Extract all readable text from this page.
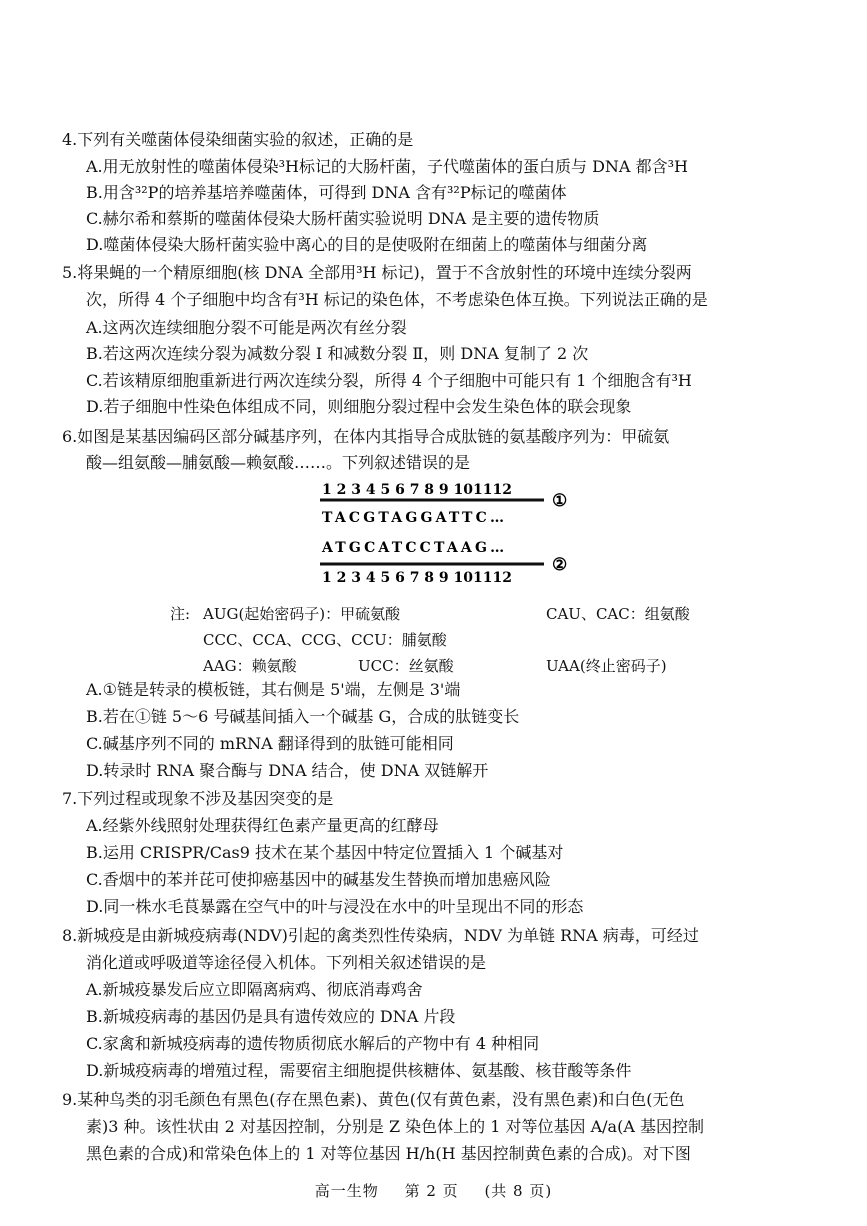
4.下列有关噬菌体侵染细菌实验的叙述，正确的是
A.用无放射性的噬菌体侵染³H标记的大肠杆菌，子代噬菌体的蛋白质与 DNA 都含³H
B.用含³²P的培养基培养噬菌体，可得到 DNA 含有³²P标记的噬菌体
C.赫尔希和蔡斯的噬菌体侵染大肠杆菌实验说明 DNA 是主要的遗传物质
D.噬菌体侵染大肠杆菌实验中离心的目的是使吸附在细菌上的噬菌体与细菌分离
5.将果蝇的一个精原细胞(核 DNA 全部用³H 标记)，置于不含放射性的环境中连续分裂两
次，所得 4 个子细胞中均含有³H 标记的染色体，不考虑染色体互换。下列说法正确的是
A.这两次连续细胞分裂不可能是两次有丝分裂
B.若这两次连续分裂为减数分裂 I 和减数分裂 Ⅱ，则 DNA 复制了 2 次
C.若该精原细胞重新进行两次连续分裂，所得 4 个子细胞中可能只有 1 个细胞含有³H
D.若子细胞中性染色体组成不同，则细胞分裂过程中会发生染色体的联会现象
6.如图是某基因编码区部分碱基序列，在体内其指导合成肽链的氨基酸序列为：甲硫氨
酸—组氨酸—脯氨酸—赖氨酸……。下列叙述错误的是
1 2 3 4 5 6 7 8 9 101112
①
TACGTAGGATTC…
ATGCATCCTAAG…
②
1 2 3 4 5 6 7 8 9 101112
注: AUG(起始密码子)：甲硫氨酸	CAU、CAC：组氨酸
CCC、CCA、CCG、CCU：脯氨酸
AAG：赖氨酸	UCC：丝氨酸	UAA(终止密码子)
A.①链是转录的模板链，其右侧是 5'端，左侧是 3'端
B.若在①链 5～6 号碱基间插入一个碱基 G，合成的肽链变长
C.碱基序列不同的 mRNA 翻译得到的肽链可能相同
D.转录时 RNA 聚合酶与 DNA 结合，使 DNA 双链解开
7.下列过程或现象不涉及基因突变的是
A.经紫外线照射处理获得红色素产量更高的红酵母
B.运用 CRISPR/Cas9 技术在某个基因中特定位置插入 1 个碱基对
C.香烟中的苯并芘可使抑癌基因中的碱基发生替换而增加患癌风险
D.同一株水毛茛暴露在空气中的叶与浸没在水中的叶呈现出不同的形态
8.新城疫是由新城疫病毒(NDV)引起的禽类烈性传染病，NDV 为单链 RNA 病毒，可经过
消化道或呼吸道等途径侵入机体。下列相关叙述错误的是
A.新城疫暴发后应立即隔离病鸡、彻底消毒鸡舍
B.新城疫病毒的基因仍是具有遗传效应的 DNA 片段
C.家禽和新城疫病毒的遗传物质彻底水解后的产物中有 4 种相同
D.新城疫病毒的增殖过程，需要宿主细胞提供核糖体、氨基酸、核苷酸等条件
9.某种鸟类的羽毛颜色有黑色(存在黑色素)、黄色(仅有黄色素，没有黑色素)和白色(无色
素)3 种。该性状由 2 对基因控制，分别是 Z 染色体上的 1 对等位基因 A/a(A 基因控制
黑色素的合成)和常染色体上的 1 对等位基因 H/h(H 基因控制黄色素的合成)。对下图
高一生物 第 2 页 (共 8 页)
